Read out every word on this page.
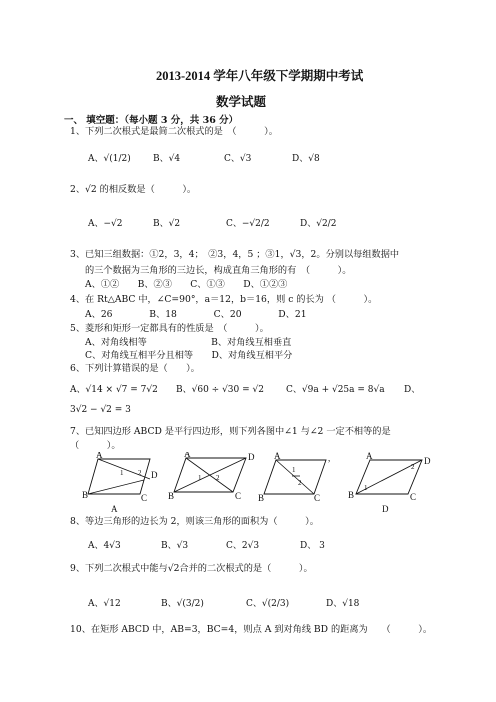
2013-2014 学年八年级下学期期中考试
数学试题
一、 填空题：（每小题 3 分，共 36 分）
1、下列二次根式是最简二次根式的是　（　　　）。
A、√(1/2) B、√4	C、√3	D、√8
2、√2 的相反数是（　　　）。
A、−√2	B、√2	C、−√2/2	D、√2/2
3、已知三组数据：①2，3，4；　②3，4，5 ；③1，√3，2。分别以每组数据中
的三个数据为三角形的三边长，构成直角三角形的有　（　　　）。
A、①②　　B、②③　　C、①③　　D、①②③
4、在 Rt△ABC 中，∠C=90°，a＝12，b＝16，则 c 的长为 （　　　）。
A、26　　　　B、18　　　　C、20　　　　D、21
5、菱形和矩形一定都具有的性质是　（　　　）。
A、对角线相等　　　　　　　B、对角线互相垂直
C、对角线互相平分且相等　　D、对角线互相平分
6、下列计算错误的是（　　）。
A、√14 × √7 = 7√2 B、√60 ÷ √30 = √2 C、√9a + √25a = 8√a D、
3√2 − √2 = 3
7、已知四边形 ABCD 是平行四边形，则下列各图中∠1 与∠2 一定不相等的是
（　　　）。
A
D
B	C
1 2
A
A	D
B	C
1 2
A	,
B	C
1
2
A	D
B	C
1
2
D
8、等边三角形的边长为 2，则该三角形的面积为（　　　）。
A、4√3	B、√3	C、2√3	D、 3
9、下列二次根式中能与√2合并的二次根式的是（　　　）。
A、√12	B、√(3/2)	C、√(2/3)	D、√18
10、在矩形 ABCD 中，AB=3，BC=4，则点 A 到对角线 BD 的距离为　　（　　　）。
